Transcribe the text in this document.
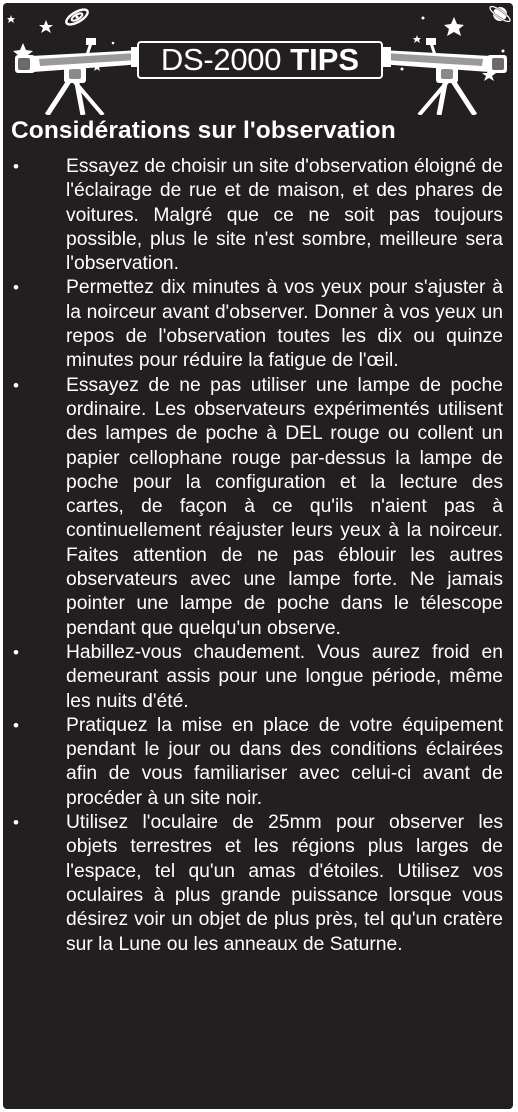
DS-2000 TIPS
Considérations sur l'observation
• Essayez de choisir un site d'observation éloigné de l'éclairage de rue et de maison, et des phares de voitures. Malgré que ce ne soit pas toujours possible, plus le site n'est sombre, meilleure sera l'observation.
• Permettez dix minutes à vos yeux pour s'ajuster à la noirceur avant d'observer. Donner à vos yeux un repos de l'observation toutes les dix ou quinze minutes pour réduire la fatigue de l'œil.
• Essayez de ne pas utiliser une lampe de poche ordinaire. Les observateurs expérimentés utilisent des lampes de poche à DEL rouge ou collent un papier cellophane rouge par-dessus la lampe de poche pour la configuration et la lecture des cartes, de façon à ce qu'ils n'aient pas à continuellement réajuster leurs yeux à la noirceur. Faites attention de ne pas éblouir les autres observateurs avec une lampe forte. Ne jamais pointer une lampe de poche dans le télescope pendant que quelqu'un observe.
• Habillez-vous chaudement. Vous aurez froid en demeurant assis pour une longue période, même les nuits d'été.
• Pratiquez la mise en place de votre équipement pendant le jour ou dans des conditions éclairées afin de vous familiariser avec celui-ci avant de procéder à un site noir.
• Utilisez l'oculaire de 25mm pour observer les objets terrestres et les régions plus larges de l'espace, tel qu'un amas d'étoiles. Utilisez vos oculaires à plus grande puissance lorsque vous désirez voir un objet de plus près, tel qu'un cratère sur la Lune ou les anneaux de Saturne.
